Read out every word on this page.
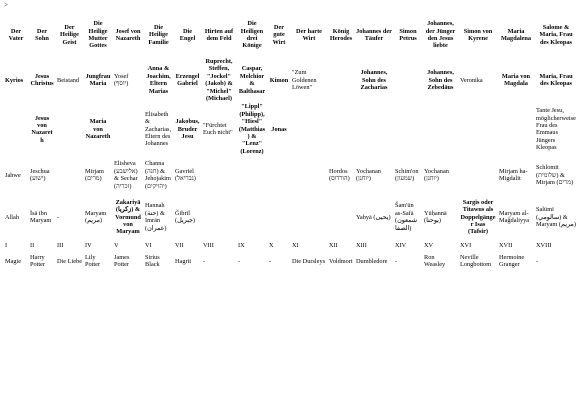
>
Der Vater	Der Sohn	Der Heilige Geist	Die Heilige Mutter Gottes	Josef von Nazareth	Die Heilige Familie	Die Engel	Hirten auf dem Feld	Die Heiligen drei Könige	Der gute Wirt	Der harte Wirt	König Herodes	Johannes der Täufer	Simon Petrus	Johannes, der Jünger den Jesus liebte	Simon von Kyrene	Maria Magdalena	Salome & Maria, Frau des Kleopas
Kyrios	Jesus Christus	Beistand	Jungfrau Maria	Yosef (יוסף)	Anna & Joachim, Eltern Marias	Erzengel Gabriel	Ruprecht, Steffen, "Jockel" (Jakob) & "Michel" (Michael)	Caspar, Melchior & Balthasar	Kimon	"Zum Goldenen Löwen"		Johannes, Sohn des Zacharias		Johannes, Sohn des Zebedäus	Veronika	Maria von Magdala	Maria, Frau des Kleopas
	Jesus von Nazareth		Maria von Nazareth		Elisabeth & Zacharias, Eltern des Johannes	Jakobus, Bruder Jesu	"Fürchtet Euch nicht"	"Lippl" (Philipp), "Hiesl" (Matthias) & "Lenz" (Lorenz)	Jonas								Tante Jesu, möglicherweise Frau des Emmaus Jüngers Kleopas
Jahwe	Jeschua (ישוע)		Mirjam (מרים)	Elisheva (אלישבע) & Sechar (זכריה)	Channa (חנה) & Jehojakim (יהויקים)	Gavriel (גבריאל)					Hordos (הורדוס)	Yochanan (יוחנן)	Schim'on (שמעון)	Yochanan (יוחנן)		Mirjam ha-Migdalit	Schlomit (שלומית) & Mirjam (מרים)
Allah	Īsā ibn Maryam	-	Maryam (مريم)	Zakariyā (زكريا) & Vormund von Maryam	Hannah (حنة) & Imrān (عمران)	Ǧibrīl (جبريل)						Yahyā (يحيى)	Šam'ūn as-Safā (شمعون الصفا)	Yūḥannā (يوحنا)	Sargis oder Titawus als Doppelgänger Isas (Tafsir)	Maryam al-Maǧdaliyya	Salūmī (سالومي) & Maryam (مريم)
I	II	III	IV	V	VI	VII	VIII	IX	X	XI	XII	XIII	XIV	XV	XVI	XVII	XVIII
Magie	Harry Potter	Die Liebe	Lily Potter	James Potter	Sirius Black	Hagrit	-	-	-	Die Dursleys	Voldmort	Dumbledore	-	Ron Weasley	Neville Longbottom	Hermoine Granger	-
